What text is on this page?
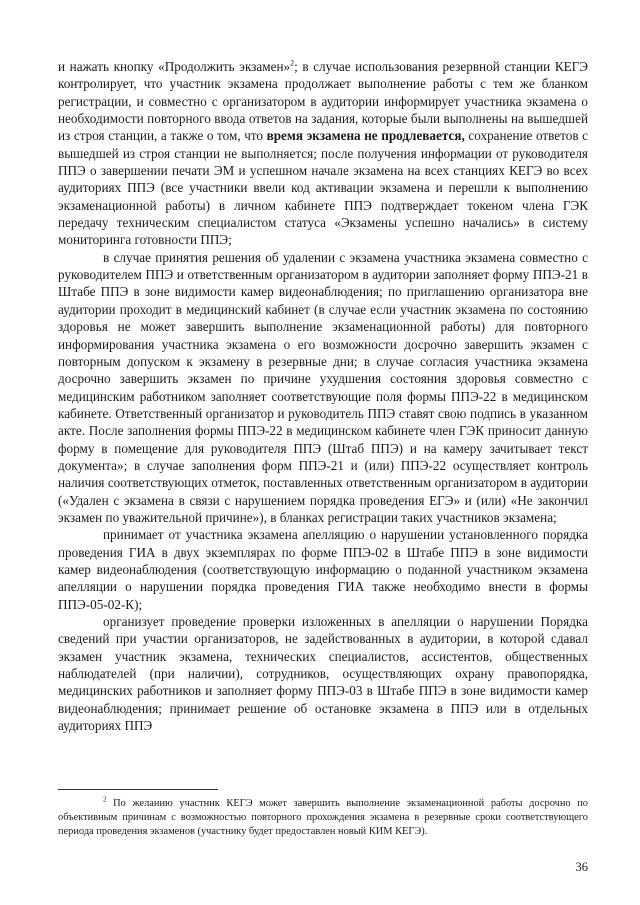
и нажать кнопку «Продолжить экзамен»$^2$; в случае использования резервной станции КЕГЭ контролирует, что участник экзамена продолжает выполнение работы с тем же бланком регистрации, и совместно с организатором в аудитории информирует участника экзамена о необходимости повторного ввода ответов на задания, которые были выполнены на вышедшей из строя станции, а также о том, что время экзамена не продлевается, сохранение ответов с вышедшей из строя станции не выполняется; после получения информации от руководителя ППЭ о завершении печати ЭМ и успешном начале экзамена на всех станциях КЕГЭ во всех аудиториях ППЭ (все участники ввели код активации экзамена и перешли к выполнению экзаменационной работы) в личном кабинете ППЭ подтверждает токеном члена ГЭК передачу техническим специалистом статуса «Экзамены успешно начались» в систему мониторинга готовности ППЭ;

в случае принятия решения об удалении с экзамена участника экзамена совместно с руководителем ППЭ и ответственным организатором в аудитории заполняет форму ППЭ-21 в Штабе ППЭ в зоне видимости камер видеонаблюдения; по приглашению организатора вне аудитории проходит в медицинский кабинет (в случае если участник экзамена по состоянию здоровья не может завершить выполнение экзаменационной работы) для повторного информирования участника экзамена о его возможности досрочно завершить экзамен с повторным допуском к экзамену в резервные дни; в случае согласия участника экзамена досрочно завершить экзамен по причине ухудшения состояния здоровья совместно с медицинским работником заполняет соответствующие поля формы ППЭ-22 в медицинском кабинете. Ответственный организатор и руководитель ППЭ ставят свою подпись в указанном акте. После заполнения формы ППЭ-22 в медицинском кабинете член ГЭК приносит данную форму в помещение для руководителя ППЭ (Штаб ППЭ) и на камеру зачитывает текст документа»; в случае заполнения форм ППЭ-21 и (или) ППЭ-22 осуществляет контроль наличия соответствующих отметок, поставленных ответственным организатором в аудитории («Удален с экзамена в связи с нарушением порядка проведения ЕГЭ» и (или) «Не закончил экзамен по уважительной причине»), в бланках регистрации таких участников экзамена;

принимает от участника экзамена апелляцию о нарушении установленного порядка проведения ГИА в двух экземплярах по форме ППЭ-02 в Штабе ППЭ в зоне видимости камер видеонаблюдения (соответствующую информацию о поданной участником экзамена апелляции о нарушении порядка проведения ГИА также необходимо внести в формы ППЭ-05-02-К);

организует проведение проверки изложенных в апелляции о нарушении Порядка сведений при участии организаторов, не задействованных в аудитории, в которой сдавал экзамен участник экзамена, технических специалистов, ассистентов, общественных наблюдателей (при наличии), сотрудников, осуществляющих охрану правопорядка, медицинских работников и заполняет форму ППЭ-03 в Штабе ППЭ в зоне видимости камер видеонаблюдения; принимает решение об остановке экзамена в ППЭ или в отдельных аудиториях ППЭ

$^2$ По желанию участник КЕГЭ может завершить выполнение экзаменационной работы досрочно по объективным причинам с возможностью повторного прохождения экзамена в резервные сроки соответствующего периода проведения экзаменов (участнику будет предоставлен новый КИМ КЕГЭ).

36
